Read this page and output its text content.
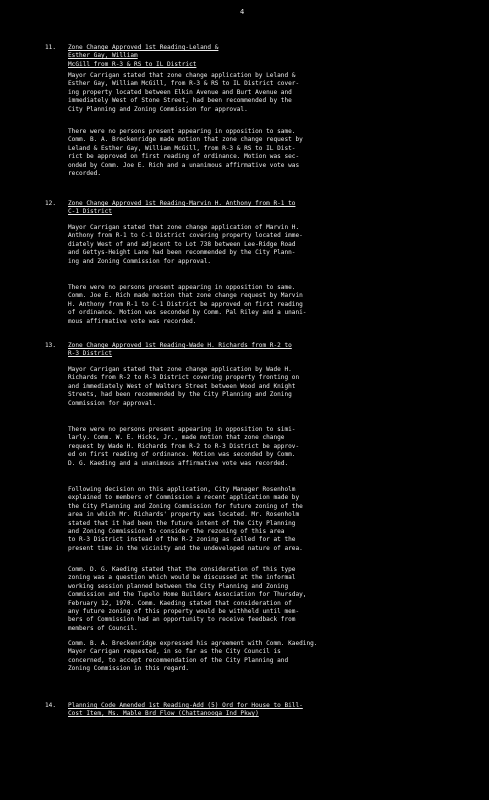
4
11. Zone Change Approved 1st Reading-Leland &
Esther Gay, William
McGill from R-3 & RS to IL District
Mayor Carrigan stated that zone change application by Leland &
Esther Gay, William McGill, from R-3 & RS to IL District cover-
ing property located between Elkin Avenue and Burt Avenue and
immediately West of Stone Street, had been recommended by the
City Planning and Zoning Commission for approval.
There were no persons present appearing in opposition to same.
Comm. B. A. Breckenridge made motion that zone change request by
Leland & Esther Gay, William McGill, from R-3 & RS to IL Dist-
rict be approved on first reading of ordinance. Motion was sec-
onded by Comm. Joe E. Rich and a unanimous affirmative vote was
recorded.
12. Zone Change Approved 1st Reading-Marvin H. Anthony from R-1 to
C-1 District
Mayor Carrigan stated that zone change application of Marvin H.
Anthony from R-1 to C-1 District covering property located imme-
diately West of and adjacent to Lot 738 between Lee-Ridge Road
and Gettys-Height Lane had been recommended by the City Plann-
ing and Zoning Commission for approval.
There were no persons present appearing in opposition to same.
Comm. Joe E. Rich made motion that zone change request by Marvin
H. Anthony from R-1 to C-1 District be approved on first reading
of ordinance. Motion was seconded by Comm. Pal Riley and a unani-
mous affirmative vote was recorded.
13. Zone Change Approved 1st Reading-Wade H. Richards from R-2 to
R-3 District
Mayor Carrigan stated that zone change application by Wade H.
Richards from R-2 to R-3 District covering property fronting on
and immediately West of Walters Street between Wood and Knight
Streets, had been recommended by the City Planning and Zoning
Commission for approval.
There were no persons present appearing in opposition to simi-
larly. Comm. W. E. Hicks, Jr., made motion that zone change
request by Wade H. Richards from R-2 to R-3 District be approv-
ed on first reading of ordinance. Motion was seconded by Comm.
D. G. Kaeding and a unanimous affirmative vote was recorded.
Following decision on this application, City Manager Rosenholm
explained to members of Commission a recent application made by
the City Planning and Zoning Commission for future zoning of the
area in which Mr. Richards' property was located. Mr. Rosenholm
stated that it had been the future intent of the City Planning
and Zoning Commission to consider the rezoning of this area
to R-3 District instead of the R-2 zoning as called for at the
present time in the vicinity and the undeveloped nature of area.
Comm. D. G. Kaeding stated that the consideration of this type
zoning was a question which would be discussed at the informal
working session planned between the City Planning and Zoning
Commission and the Tupelo Home Builders Association for Thursday,
February 12, 1970. Comm. Kaeding stated that consideration of
any future zoning of this property would be withheld until mem-
bers of Commission had an opportunity to receive feedback from
members of Council.
Comm. B. A. Breckenridge expressed his agreement with Comm. Kaeding.
Mayor Carrigan requested, in so far as the City Council is
concerned, to accept recommendation of the City Planning and
Zoning Commission in this regard.
14. Planning Code Amended 1st Reading-Add (5) Ord for House to Bill-
Cost Item, Ms. Mable Brd Flow (Chattanooga Ind Pkwy)
